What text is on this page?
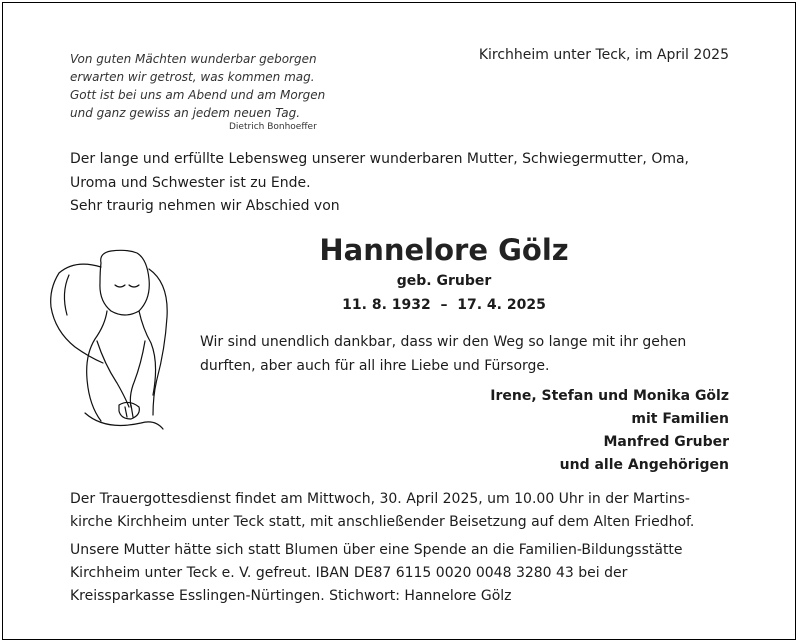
Von guten Mächten wunderbar geborgen
erwarten wir getrost, was kommen mag.
Gott ist bei uns am Abend und am Morgen
und ganz gewiss an jedem neuen Tag.
Dietrich Bonhoeffer
Kirchheim unter Teck, im April 2025
Der lange und erfüllte Lebensweg unserer wunderbaren Mutter, Schwiegermutter, Oma,
Uroma und Schwester ist zu Ende.
Sehr traurig nehmen wir Abschied von
Hannelore Gölz
geb. Gruber
11. 8. 1932  –  17. 4. 2025
Wir sind unendlich dankbar, dass wir den Weg so lange mit ihr gehen
durften, aber auch für all ihre Liebe und Fürsorge.
Irene, Stefan und Monika Gölz
mit Familien
Manfred Gruber
und alle Angehörigen
Der Trauergottesdienst findet am Mittwoch, 30. April 2025, um 10.00 Uhr in der Martins-
kirche Kirchheim unter Teck statt, mit anschließender Beisetzung auf dem Alten Friedhof.
Unsere Mutter hätte sich statt Blumen über eine Spende an die Familien-Bildungsstätte
Kirchheim unter Teck e. V. gefreut. IBAN DE87 6115 0020 0048 3280 43 bei der
Kreissparkasse Esslingen-Nürtingen. Stichwort: Hannelore Gölz
